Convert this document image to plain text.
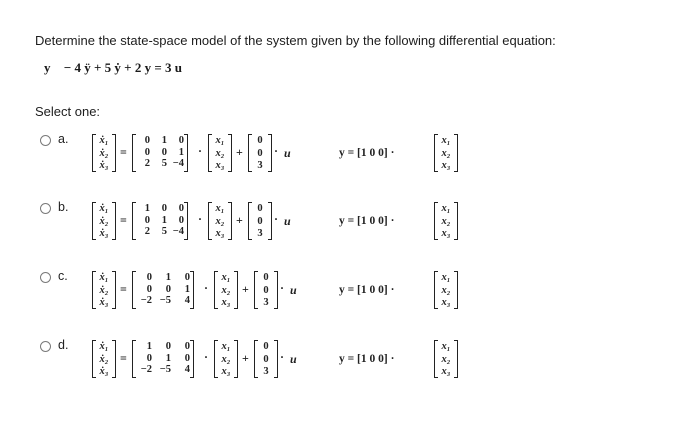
Determine the state-space model of the system given by the following differential equation:
y⃛ − 4 ÿ + 5 ẏ + 2 y = 3 u
Select one:
a.	ẋ₁
ẋ₂
ẋ₃
=
0	1	0
0	0	1
2	5 −4
·
x₁
x₂
x₃
+
0
0
3
· u	y = [1 0 0] ·
x₁
x₂
x₃
b.	ẋ₁
ẋ₂
ẋ₃
=
1	0	0
0	1	0
2	5 −4
·
x₁
x₂
x₃
+
0
0
3
· u	y = [1 0 0] ·
x₁
x₂
x₃
c.	ẋ₁
ẋ₂
ẋ₃
=
0	1	0
0	0	1
−2 −5	4
·
x₁
x₂
x₃
+
0
0
3
· u	y = [1 0 0] ·
x₁
x₂
x₃
d.	ẋ₁
ẋ₂
ẋ₃
=
1	0	0
0	1	0
−2 −5	4
·
x₁
x₂
x₃
+
0
0
3
· u	y = [1 0 0] ·
x₁
x₂
x₃
